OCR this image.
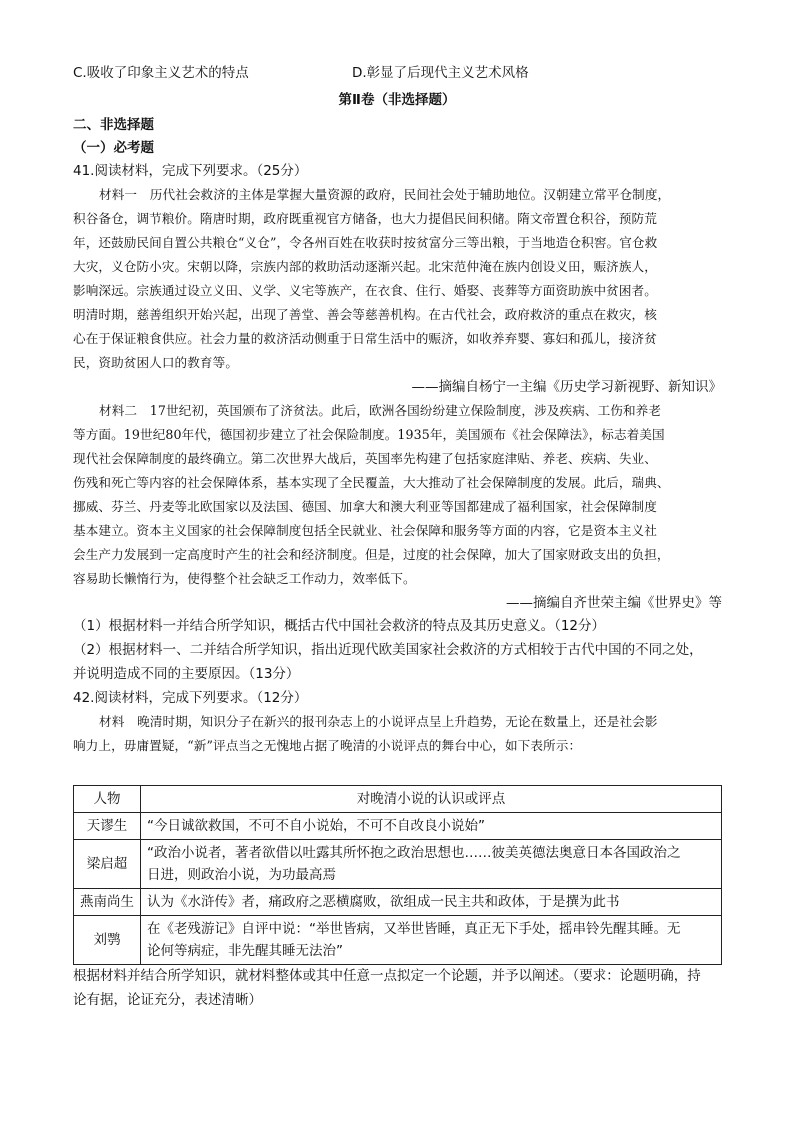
C.吸收了印象主义艺术的特点	D.彰显了后现代主义艺术风格
第Ⅱ卷（非选择题）
二、非选择题
（一）必考题
41.阅读材料，完成下列要求。（25分）
材料一　历代社会救济的主体是掌握大量资源的政府，民间社会处于辅助地位。汉朝建立常平仓制度，
积谷备仓，调节粮价。隋唐时期，政府既重视官方储备，也大力提倡民间积储。隋文帝置仓积谷，预防荒
年，还鼓励民间自置公共粮仓“义仓”，令各州百姓在收获时按贫富分三等出粮，于当地造仓积窖。官仓救
大灾，义仓防小灾。宋朝以降，宗族内部的救助活动逐渐兴起。北宋范仲淹在族内创设义田，赈济族人，
影响深远。宗族通过设立义田、义学、义宅等族产，在衣食、住行、婚娶、丧葬等方面资助族中贫困者。
明清时期，慈善组织开始兴起，出现了善堂、善会等慈善机构。在古代社会，政府救济的重点在救灾，核
心在于保证粮食供应。社会力量的救济活动侧重于日常生活中的赈济，如收养弃婴、寡妇和孤儿，接济贫
民，资助贫困人口的教育等。
——摘编自杨宁一主编《历史学习新视野、新知识》
材料二　17世纪初，英国颁布了济贫法。此后，欧洲各国纷纷建立保险制度，涉及疾病、工伤和养老
等方面。19世纪80年代，德国初步建立了社会保险制度。1935年，美国颁布《社会保障法》，标志着美国
现代社会保障制度的最终确立。第二次世界大战后，英国率先构建了包括家庭津贴、养老、疾病、失业、
伤残和死亡等内容的社会保障体系，基本实现了全民覆盖，大大推动了社会保障制度的发展。此后，瑞典、
挪威、芬兰、丹麦等北欧国家以及法国、德国、加拿大和澳大利亚等国都建成了福利国家，社会保障制度
基本建立。资本主义国家的社会保障制度包括全民就业、社会保障和服务等方面的内容，它是资本主义社
会生产力发展到一定高度时产生的社会和经济制度。但是，过度的社会保障，加大了国家财政支出的负担，
容易助长懒惰行为，使得整个社会缺乏工作动力，效率低下。
——摘编自齐世荣主编《世界史》等
（1）根据材料一并结合所学知识，概括古代中国社会救济的特点及其历史意义。（12分）
（2）根据材料一、二并结合所学知识，指出近现代欧美国家社会救济的方式相较于古代中国的不同之处，
并说明造成不同的主要原因。（13分）
42.阅读材料，完成下列要求。（12分）
材料　晚清时期，知识分子在新兴的报刊杂志上的小说评点呈上升趋势，无论在数量上，还是社会影
响力上，毋庸置疑，“新”评点当之无愧地占据了晚清的小说评点的舞台中心，如下表所示：
人物	对晚清小说的认识或评点
天谬生	“今日诚欲救国，不可不自小说始，不可不自改良小说始”

梁启超	“政治小说者，著者欲借以吐露其所怀抱之政治思想也……彼美英德法奥意日本各国政治之
日进，则政治小说，为功最高焉

燕南尚生	认为《水浒传》者，痛政府之恶横腐败，欲组成一民主共和政体，于是撰为此书

刘鹗	在《老残游记》自评中说：“举世皆病，又举世皆睡，真正无下手处，摇串铃先醒其睡。无
论何等病症，非先醒其睡无法治”
根据材料并结合所学知识，就材料整体或其中任意一点拟定一个论题，并予以阐述。（要求：论题明确，持
论有据，论证充分，表述清晰）
